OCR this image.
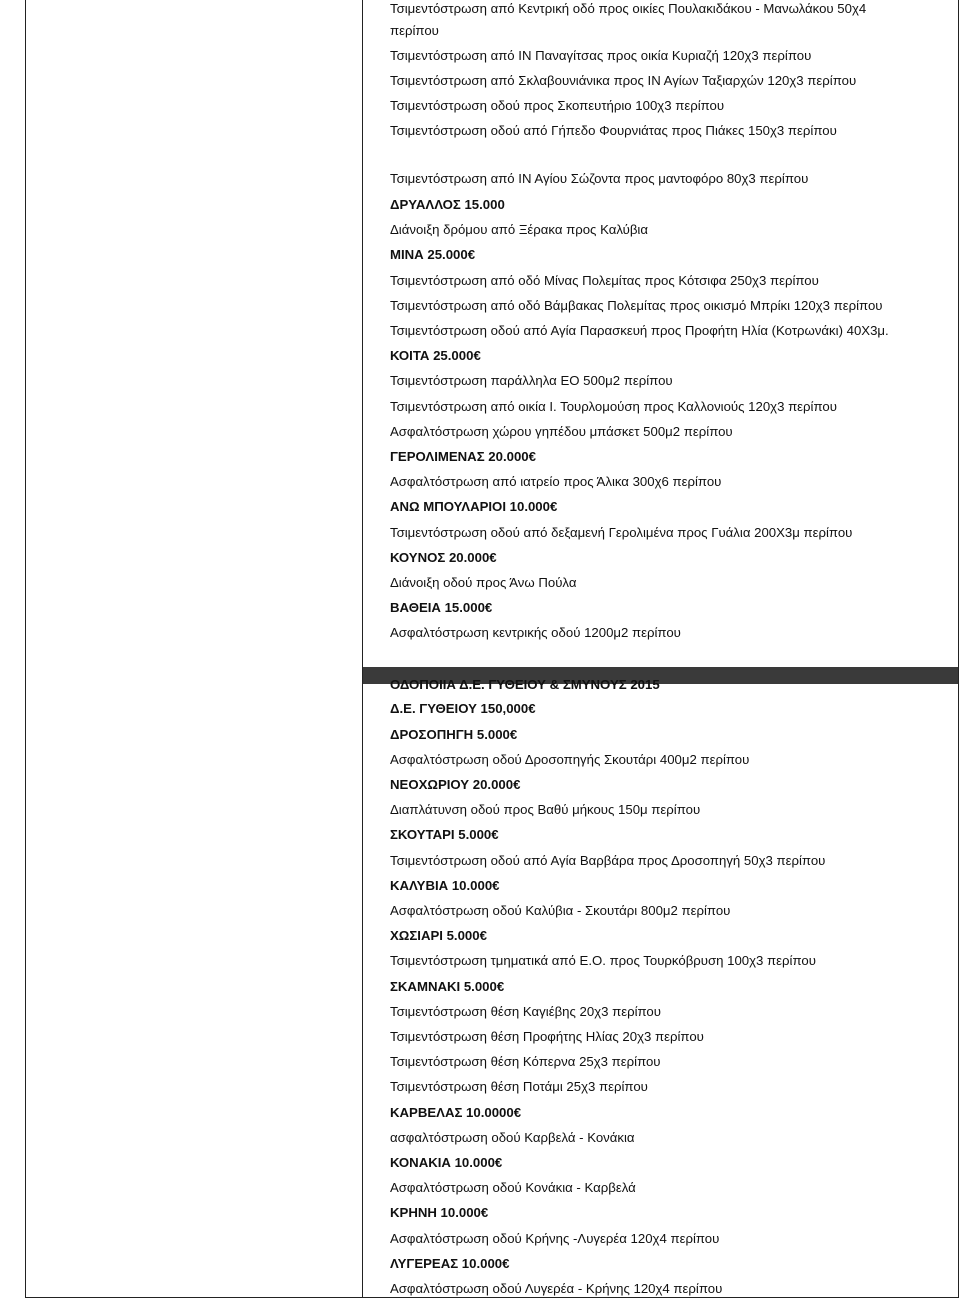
Τσιμεντόστρωση από Κεντρική οδό προς οικίες Πουλακιδάκου - Μανωλάκου 50χ4
περίπου
Τσιμεντόστρωση από ΙΝ Παναγίτσας προς οικία Κυριαζή 120χ3 περίπου
Τσιμεντόστρωση από Σκλαβουνιάνικα προς ΙΝ Αγίων Ταξιαρχών 120χ3 περίπου
Τσιμεντόστρωση οδού προς Σκοπευτήριο 100χ3 περίπου
Τσιμεντόστρωση οδού από Γήπεδο Φουρνιάτας προς Πιάκες 150χ3 περίπου
Τσιμεντόστρωση από ΙΝ Αγίου Σώζοντα προς μαντοφόρο 80χ3 περίπου
ΔΡΥΑΛΛΟΣ 15.000
Διάνοιξη δρόμου από Ξέρακα προς Καλύβια
ΜΙΝΑ 25.000€
Τσιμεντόστρωση από οδό Μίνας Πολεμίτας προς Κότσιφα 250χ3 περίπου
Τσιμεντόστρωση από οδό Βάμβακας Πολεμίτας προς οικισμό Μπρίκι 120χ3 περίπου
Τσιμεντόστρωση οδού από Αγία Παρασκευή προς Προφήτη Ηλία (Κοτρωνάκι) 40Χ3μ.
ΚΟΙΤΑ 25.000€
Τσιμεντόστρωση παράλληλα ΕΟ 500μ2 περίπου
Τσιμεντόστρωση από οικία Ι. Τουρλομούση προς Καλλονιούς 120χ3 περίπου
Ασφαλτόστρωση χώρου γηπέδου μπάσκετ 500μ2 περίπου
ΓΕΡΟΛΙΜΕΝΑΣ 20.000€
Ασφαλτόστρωση από ιατρείο προς Άλικα 300χ6 περίπου
ΑΝΩ ΜΠΟΥΛΑΡΙΟΙ 10.000€
Τσιμεντόστρωση οδού από δεξαμενή Γερολιμένα προς Γυάλια 200Χ3μ περίπου
ΚΟΥΝΟΣ 20.000€
Διάνοιξη οδού προς Άνω Πούλα
ΒΑΘΕΙΑ 15.000€
Ασφαλτόστρωση κεντρικής οδού 1200μ2 περίπου
ΟΔΟΠΟΙΙΑ Δ.Ε. ΓΥΘΕΙΟΥ & ΣΜΥΝΟΥΣ 2015
Δ.Ε. ΓΥΘΕΙΟΥ 150,000€
ΔΡΟΣΟΠΗΓΗ 5.000€
Ασφαλτόστρωση οδού Δροσοπηγής Σκουτάρι 400μ2 περίπου
ΝΕΟΧΩΡΙΟΥ 20.000€
Διαπλάτυνση οδού προς Βαθύ μήκους 150μ περίπου
ΣΚΟΥΤΑΡΙ 5.000€
Τσιμεντόστρωση οδού από Αγία Βαρβάρα προς Δροσοπηγή 50χ3 περίπου
ΚΑΛΥΒΙΑ 10.000€
Ασφαλτόστρωση οδού Καλύβια - Σκουτάρι 800μ2 περίπου
ΧΩΣΙΑΡΙ 5.000€
Τσιμεντόστρωση τμηματικά από Ε.Ο. προς Τουρκόβρυση 100χ3 περίπου
ΣΚΑΜΝΑΚΙ 5.000€
Τσιμεντόστρωση θέση Καγιέβης 20χ3 περίπου
Τσιμεντόστρωση θέση Προφήτης Ηλίας 20χ3 περίπου
Τσιμεντόστρωση θέση Κόπερνα 25χ3 περίπου
Τσιμεντόστρωση θέση Ποτάμι 25χ3 περίπου
ΚΑΡΒΕΛΑΣ 10.0000€
ασφαλτόστρωση οδού Καρβελά - Κονάκια
ΚΟΝΑΚΙΑ 10.000€
Ασφαλτόστρωση οδού Κονάκια - Καρβελά
ΚΡΗΝΗ 10.000€
Ασφαλτόστρωση οδού Κρήνης -Λυγερέα 120χ4 περίπου
ΛΥΓΕΡΕΑΣ 10.000€
Ασφαλτόστρωση οδού Λυγερέα - Κρήνης 120χ4 περίπου
